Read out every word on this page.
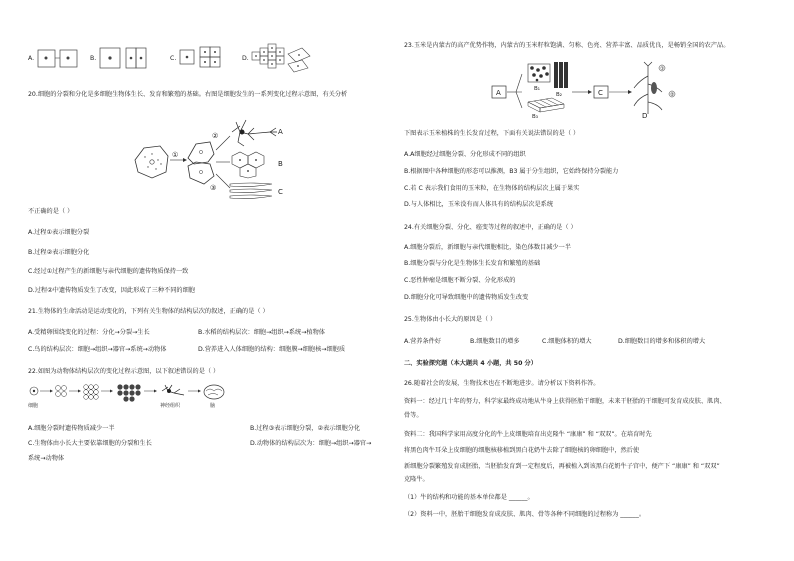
A.	B.	C.	D.
20.细胞的分裂和分化是多细胞生物体生长、发育和繁殖的基础。右图是细胞发生的一系列变化过程示意图，有关分析
①
②
③
A
B
C
不正确的是（ ）
A.过程①表示细胞分裂
B.过程②表示细胞分化
C.经过①过程产生的新细胞与亲代细胞的遗传物质保持一致
D.过程②中遗传物质发生了改变，因此形成了三种不同的细胞
21.生物体的生命活动是运动变化的，下列有关生物体的结构层次的叙述，正确的是（ ）
A.受精卵围绕变化的过程：分化→分裂→生长	B.水稻的结构层次：细胞→组织→系统→植物体
C.鸟的结构层次：细胞→组织→器官→系统→动物体	D.营养进入人体细胞的结构：细胞膜→细胞核→细胞质
22.如图为动物体结构层次的变化过程示意图，以下叙述错误的是（ ）
细胞	神经组织	脑
A.细胞分裂时遗传物质减少一半	B.过程③表示细胞分裂，②表示细胞分化
C.生物体由小长大主要依靠细胞的分裂和生长	D.动物体的结构层次为：细胞→组织→器官→
系统→动物体
23.玉米是内蒙古的高产优势作物，内蒙古的玉米籽粒饱满、匀称、色亮、营养丰富、品质优良，是畅销全国的农产品。
A	B₁
B₂
B₃
C
①
②
D
下图表示玉米植株的生长发育过程，下面有关说法错误的是（ ）
A.A细胞经过细胞分裂、分化形成不同的组织
B.根据图中各种细胞的形态可以推测，B3 属于分生组织，它始终保持分裂能力
C.若 C 表示我们食用的玉米粒，在生物体的结构层次上属于果实
D.与人体相比，玉米没有而人体具有的结构层次是系统
24.有关细胞分裂、分化、癌变等过程的叙述中，正确的是（ ）
A.细胞分裂后，新细胞与亲代细胞相比，染色体数目减少一半
B.细胞分裂与分化是生物体生长发育和繁殖的基础
C.恶性肿瘤是细胞不断分裂、分化形成的
D.细胞分化可导致细胞中的遗传物质发生改变
25.生物体由小长大的原因是（ ）
A.营养条件好	B.细胞数目的增多	C.细胞体积的增大	D.细胞数目的增多和体积的增大
二、实验探究题（本大题共 4 小题，共 50 分）
26.随着社会的发展，生物技术也在不断地进步。请分析以下资料作答。
资料一：经过几十年的努力，科学家最终成功地从牛身上获得胚胎干细胞，未来干胚胎的干细胞可发育成皮肤、肌肉、
骨等。
资料二：我国科学家用高度分化的牛上皮细胞培育出克隆牛 “康康” 和 “双双”。在培育时先
将黑色肉牛耳朵上皮细胞的细胞核移植到黑白花奶牛去除了细胞核的卵细胞中，然后使
新细胞分裂繁殖发育成胚胎，当胚胎发育到一定程度后，再被植入到该黑白花奶牛子宫中，便产下 “康康” 和 “双双”
克隆牛。
（1）牛的结构和功能的基本单位都是 ______。
（2）资料一中，胚胎干细胞发育成皮肤、肌肉、骨等各种不同细胞的过程称为 ______。
